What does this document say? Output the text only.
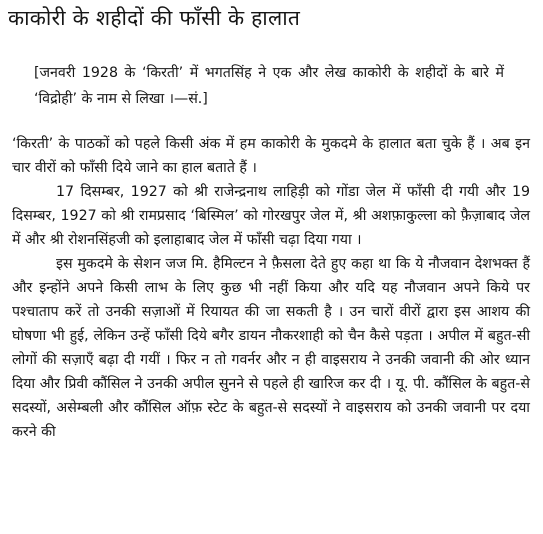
काकोरी के शहीदों की फाँसी के हालात

[जनवरी 1928 के ‘किरती’ में भगतसिंह ने एक और लेख काकोरी के शहीदों के बारे में ‘विद्रोही’ के नाम से लिखा ।—सं.]

‘किरती’ के पाठकों को पहले किसी अंक में हम काकोरी के मुकदमे के हालात बता चुके हैं । अब इन चार वीरों को फाँसी दिये जाने का हाल बताते हैं ।

17 दिसम्बर, 1927 को श्री राजेन्द्रनाथ लाहिड़ी को गोंडा जेल में फाँसी दी गयी और 19 दिसम्बर, 1927 को श्री रामप्रसाद ‘बिस्मिल’ को गोरखपुर जेल में, श्री अशफ़ाकुल्ला को फ़ैज़ाबाद जेल में और श्री रोशनसिंहजी को इलाहाबाद जेल में फाँसी चढ़ा दिया गया ।

इस मुकदमे के सेशन जज मि. हैमिल्टन ने फ़ैसला देते हुए कहा था कि ये नौजवान देशभक्त हैं और इन्होंने अपने किसी लाभ के लिए कुछ भी नहीं किया और यदि यह नौजवान अपने किये पर पश्चाताप करें तो उनकी सज़ाओं में रियायत की जा सकती है । उन चारों वीरों द्वारा इस आशय की घोषणा भी हुई, लेकिन उन्हें फाँसी दिये बगैर डायन नौकरशाही को चैन कैसे पड़ता । अपील में बहुत-सी लोगों की सज़ाएँ बढ़ा दी गयीं । फिर न तो गवर्नर और न ही वाइसराय ने उनकी जवानी की ओर ध्यान दिया और प्रिवी कौंसिल ने उनकी अपील सुनने से पहले ही खारिज कर दी । यू. पी. कौंसिल के बहुत-से सदस्यों, असेम्बली और कौंसिल ऑफ़ स्टेट के बहुत-से सदस्यों ने वाइसराय को उनकी जवानी पर दया करने की
